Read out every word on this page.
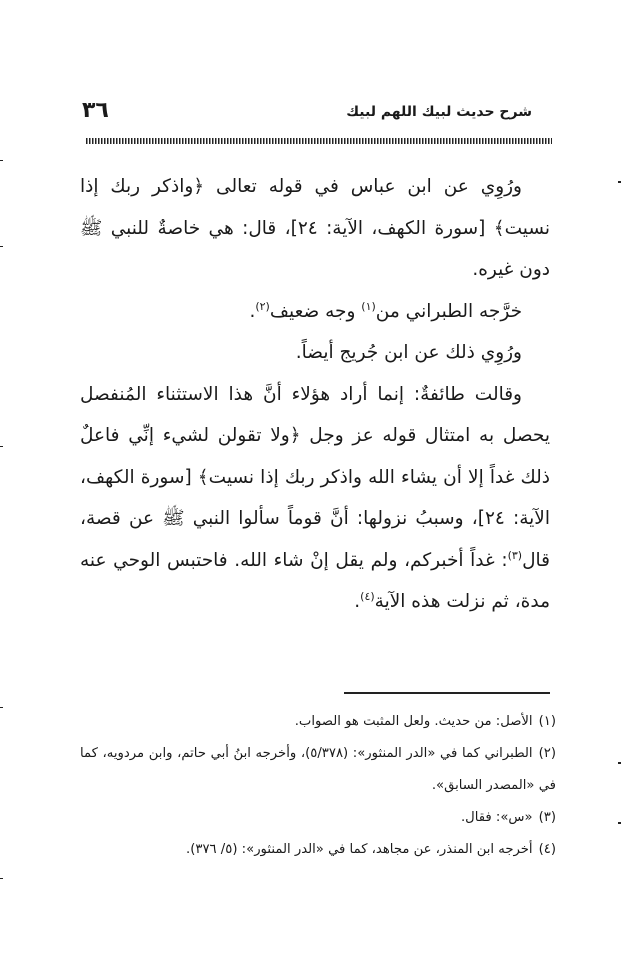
٣٦	شرح حديث لبيك اللهم لبيك

ورُوِي عن ابن عباس في قوله تعالى ﴿واذكر ربك إذا نسيت﴾ [سورة الكهف، الآية: ٢٤]، قال: هي خاصةٌ للنبي ﷺ دون غيره.

خرَّجه الطبراني من$^{(١)}$ وجه ضعيف$^{(٢)}$.

ورُوِي ذلك عن ابن جُريج أيضاً.

وقالت طائفةٌ: إنما أراد هؤلاء أنَّ هذا الاستثناء المُنفصل يحصل به امتثال قوله عز وجل ﴿ولا تقولن لشيء إنِّي فاعلٌ ذلك غداً إلا أن يشاء الله واذكر ربك إذا نسيت﴾ [سورة الكهف، الآية: ٢٤]، وسببُ نزولها: أنَّ قوماً سألوا النبي ﷺ عن قصة، قال$^{(٣)}$: غداً أخبركم، ولم يقل إنْ شاء الله. فاحتبس الوحي عنه مدة، ثم نزلت هذه الآية$^{(٤)}$.

(١)الأصل: من حديث. ولعل المثبت هو الصواب.

(٢)الطبراني كما في «الدر المنثور»: (٥/٣٧٨)، وأخرجه ابنُ أبي حاتم، وابن مردويه، كما في «المصدر السابق».

(٣)«س»: فقال.

(٤)أخرجه ابن المنذر، عن مجاهد، كما في «الدر المنثور»: (٥/ ٣٧٦).
